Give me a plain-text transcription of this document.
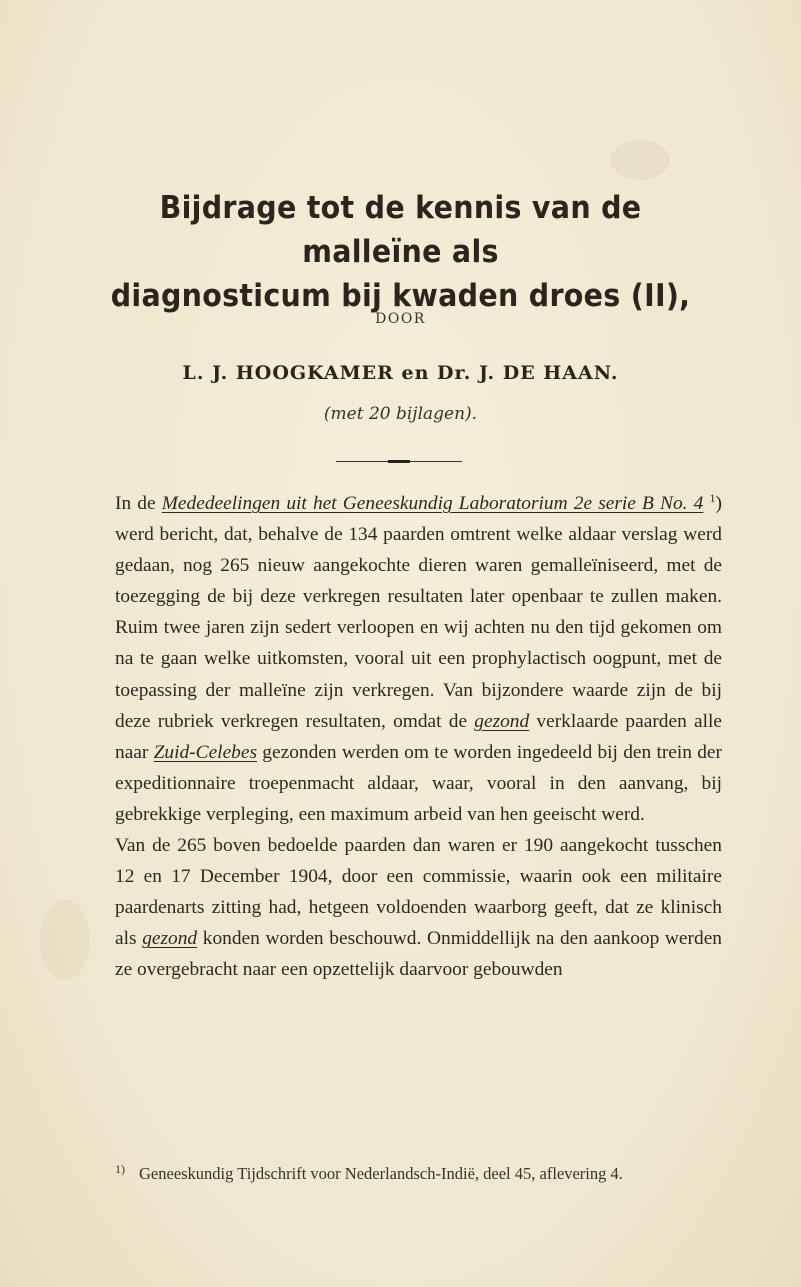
Bijdrage tot de kennis van de malleïne als
diagnosticum bij kwaden droes (II),
DOOR
L. J. HOOGKAMER en Dr. J. DE HAAN.
(met 20 bijlagen).

In de Mededeelingen uit het Geneeskundig Laboratorium 2e serie B No. 4 $^1$) werd bericht, dat, behalve de 134 paarden omtrent welke aldaar verslag werd gedaan, nog 265 nieuw aangekochte dieren waren gemalleïniseerd, met de toezegging de bij deze verkregen resultaten later openbaar te zullen maken. Ruim twee jaren zijn sedert verloopen en wij achten nu den tijd gekomen om na te gaan welke uitkomsten, vooral uit een prophylactisch oogpunt, met de toepassing der malleïne zijn verkregen. Van bijzondere waarde zijn de bij deze rubriek verkregen resultaten, omdat de gezond verklaarde paarden alle naar Zuid-Celebes gezonden werden om te worden ingedeeld bij den trein der expeditionnaire troepenmacht aldaar, waar, vooral in den aanvang, bij gebrekkige verpleging, een maximum arbeid van hen geeischt werd.

Van de 265 boven bedoelde paarden dan waren er 190 aangekocht tusschen 12 en 17 December 1904, door een commissie, waarin ook een militaire paardenarts zitting had, hetgeen voldoenden waarborg geeft, dat ze klinisch als gezond konden worden beschouwd. Onmiddellijk na den aankoop werden ze overgebracht naar een opzettelijk daarvoor gebouwden

1) Geneeskundig Tijdschrift voor Nederlandsch-Indië, deel 45, aflevering 4.
